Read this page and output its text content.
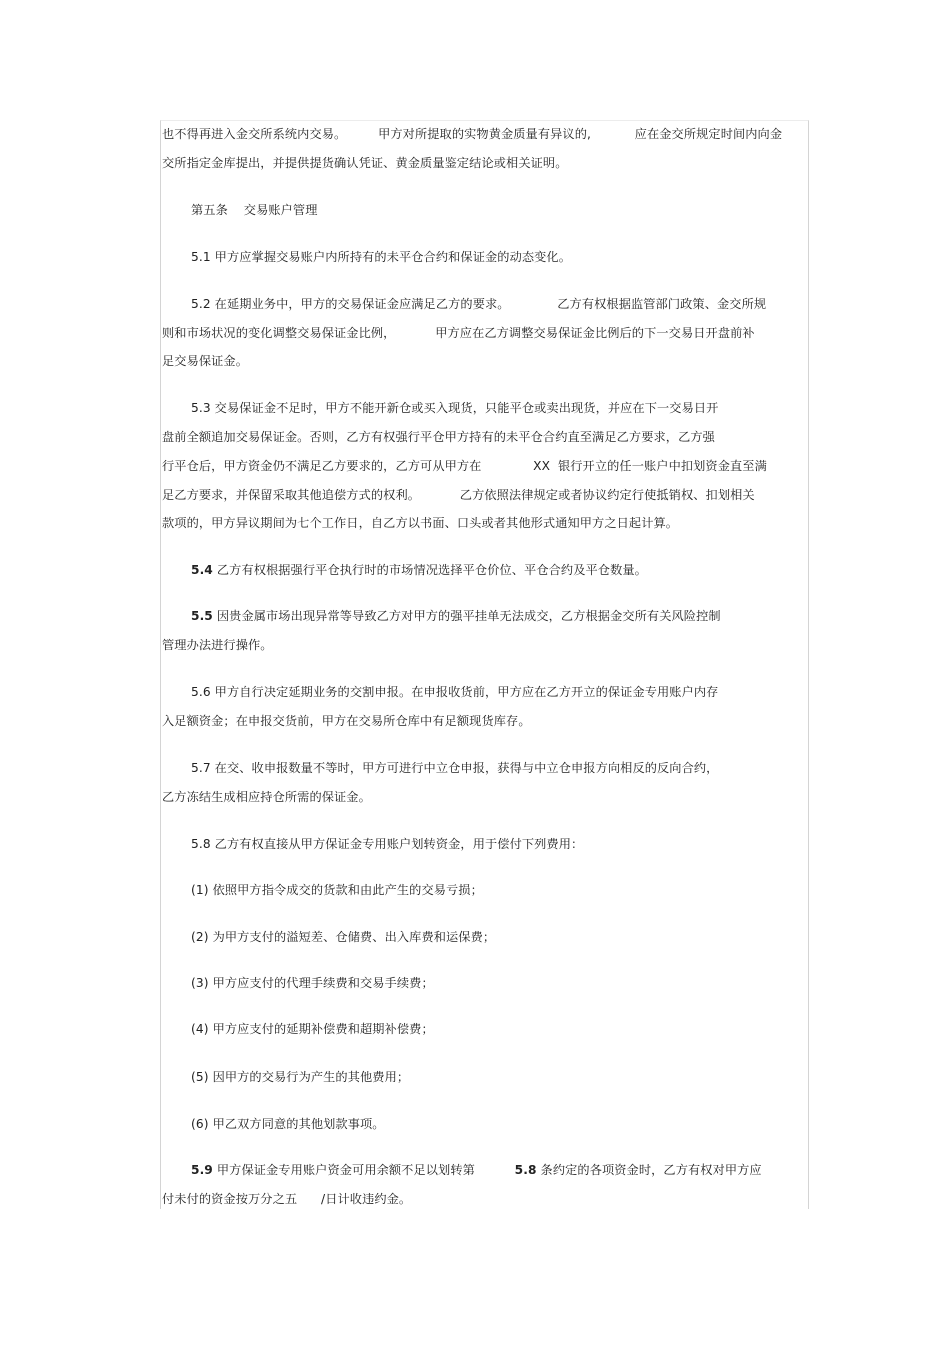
也不得再进入金交所系统内交易。        甲方对所提取的实物黄金质量有异议的,           应在金交所规定时间内向金
交所指定金库提出，并提供提货确认凭证、黄金质量鉴定结论或相关证明。
第五条 交易账户管理
5.1 甲方应掌握交易账户内所持有的未平仓合约和保证金的动态变化。
5.2 在延期业务中，甲方的交易保证金应满足乙方的要求。            乙方有权根据监管部门政策、金交所规
则和市场状况的变化调整交易保证金比例，          甲方应在乙方调整交易保证金比例后的下一交易日开盘前补
足交易保证金。
5.3 交易保证金不足时，甲方不能开新仓或买入现货，只能平仓或卖出现货，并应在下一交易日开
盘前全额追加交易保证金。否则，乙方有权强行平仓甲方持有的未平仓合约直至满足乙方要求，乙方强
行平仓后，甲方资金仍不满足乙方要求的，乙方可从甲方在             XX  银行开立的任一账户中扣划资金直至满
足乙方要求，并保留采取其他追偿方式的权利。          乙方依照法律规定或者协议约定行使抵销权、扣划相关
款项的，甲方异议期间为七个工作日，自乙方以书面、口头或者其他形式通知甲方之日起计算。
5.4 乙方有权根据强行平仓执行时的市场情况选择平仓价位、平仓合约及平仓数量。
5.5 因贵金属市场出现异常等导致乙方对甲方的强平挂单无法成交，乙方根据金交所有关风险控制
管理办法进行操作。
5.6 甲方自行决定延期业务的交割申报。在申报收货前，甲方应在乙方开立的保证金专用账户内存
入足额资金；在申报交货前，甲方在交易所仓库中有足额现货库存。
5.7 在交、收申报数量不等时，甲方可进行中立仓申报，获得与中立仓申报方向相反的反向合约，
乙方冻结生成相应持仓所需的保证金。
5.8 乙方有权直接从甲方保证金专用账户划转资金，用于偿付下列费用：
(1) 依照甲方指令成交的货款和由此产生的交易亏损；
(2) 为甲方支付的溢短差、仓储费、出入库费和运保费；
(3) 甲方应支付的代理手续费和交易手续费；
(4) 甲方应支付的延期补偿费和超期补偿费；
(5) 因甲方的交易行为产生的其他费用；
(6) 甲乙双方同意的其他划款事项。
5.9 甲方保证金专用账户资金可用余额不足以划转第	5.8 条约定的各项资金时，乙方有权对甲方应
付未付的资金按万分之五      /日计收违约金。
